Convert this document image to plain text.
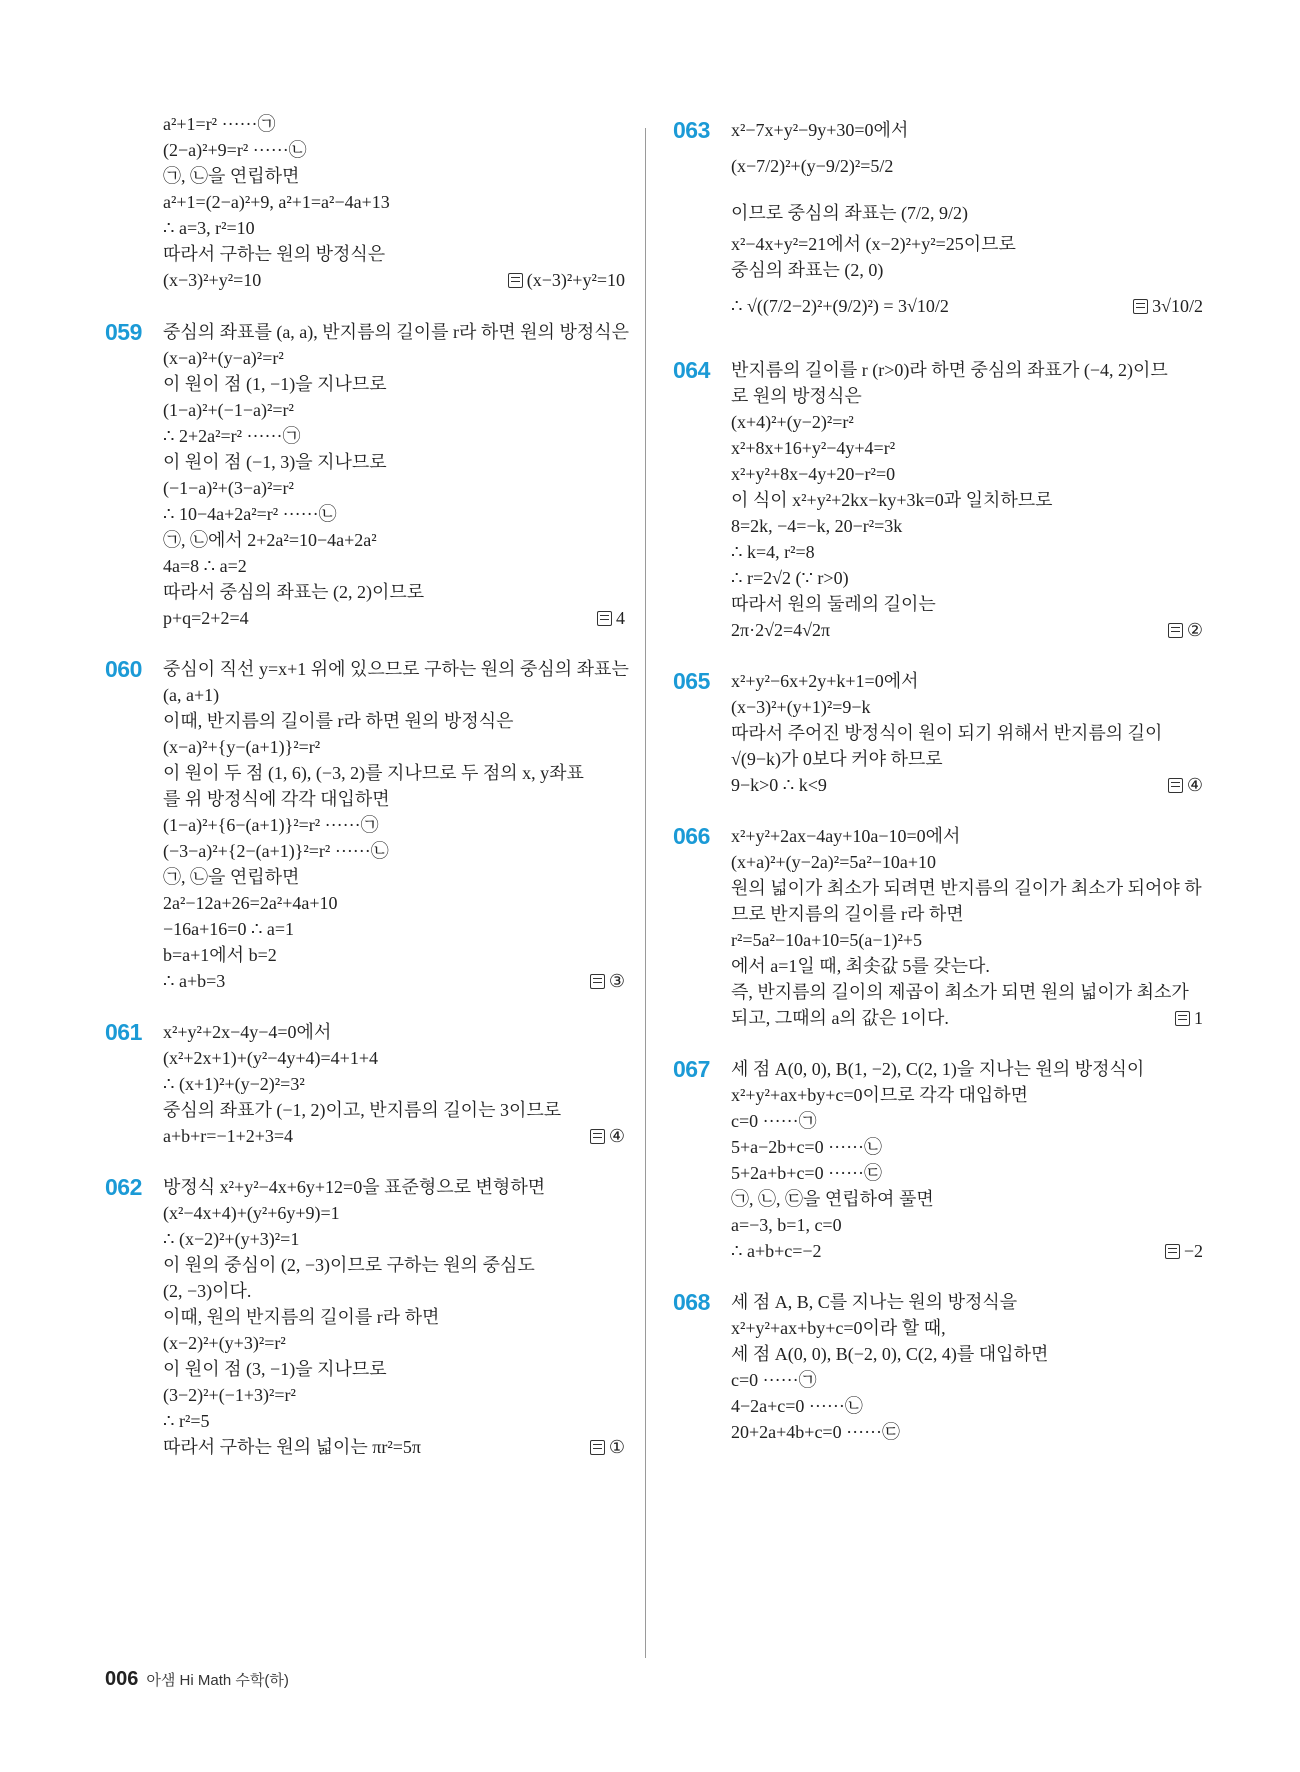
a²+1=r² ······㉠
(2−a)²+9=r² ······㉡
㉠, ㉡을 연립하면
a²+1=(2−a)²+9, a²+1=a²−4a+13
∴ a=3, r²=10
따라서 구하는 원의 방정식은
(x−3)²+y²=10	(x−3)²+y²=10
059	중심의 좌표를 (a, a), 반지름의 길이를 r라 하면 원의 방정식은
(x−a)²+(y−a)²=r²
이 원이 점 (1, −1)을 지나므로
(1−a)²+(−1−a)²=r²
∴ 2+2a²=r² ······㉠
이 원이 점 (−1, 3)을 지나므로
(−1−a)²+(3−a)²=r²
∴ 10−4a+2a²=r² ······㉡
㉠, ㉡에서 2+2a²=10−4a+2a²
4a=8 ∴ a=2
따라서 중심의 좌표는 (2, 2)이므로
p+q=2+2=4	4
060	중심이 직선 y=x+1 위에 있으므로 구하는 원의 중심의 좌표는
(a, a+1)
이때, 반지름의 길이를 r라 하면 원의 방정식은
(x−a)²+{y−(a+1)}²=r²
이 원이 두 점 (1, 6), (−3, 2)를 지나므로 두 점의 x, y좌표
를 위 방정식에 각각 대입하면
(1−a)²+{6−(a+1)}²=r² ······㉠
(−3−a)²+{2−(a+1)}²=r² ······㉡
㉠, ㉡을 연립하면
2a²−12a+26=2a²+4a+10
−16a+16=0 ∴ a=1
b=a+1에서 b=2
∴ a+b=3	③
061	x²+y²+2x−4y−4=0에서
(x²+2x+1)+(y²−4y+4)=4+1+4
∴ (x+1)²+(y−2)²=3²
중심의 좌표가 (−1, 2)이고, 반지름의 길이는 3이므로
a+b+r=−1+2+3=4	④
062	방정식 x²+y²−4x+6y+12=0을 표준형으로 변형하면
(x²−4x+4)+(y²+6y+9)=1
∴ (x−2)²+(y+3)²=1
이 원의 중심이 (2, −3)이므로 구하는 원의 중심도
(2, −3)이다.
이때, 원의 반지름의 길이를 r라 하면
(x−2)²+(y+3)²=r²
이 원이 점 (3, −1)을 지나므로
(3−2)²+(−1+3)²=r²
∴ r²=5
따라서 구하는 원의 넓이는 πr²=5π	①
063	x²−7x+y²−9y+30=0에서
(x−7/2)²+(y−9/2)²=5/2
이므로 중심의 좌표는 (7/2, 9/2)
x²−4x+y²=21에서 (x−2)²+y²=25이므로
중심의 좌표는 (2, 0)
∴ √((7/2−2)²+(9/2)²) = 3√10/2	3√10/2
064	반지름의 길이를 r (r>0)라 하면 중심의 좌표가 (−4, 2)이므
로 원의 방정식은
(x+4)²+(y−2)²=r²
x²+8x+16+y²−4y+4=r²
x²+y²+8x−4y+20−r²=0
이 식이 x²+y²+2kx−ky+3k=0과 일치하므로
8=2k, −4=−k, 20−r²=3k
∴ k=4, r²=8
∴ r=2√2 (∵ r>0)
따라서 원의 둘레의 길이는
2π·2√2=4√2π	②
065	x²+y²−6x+2y+k+1=0에서
(x−3)²+(y+1)²=9−k
따라서 주어진 방정식이 원이 되기 위해서 반지름의 길이
√(9−k)가 0보다 커야 하므로
9−k>0 ∴ k<9	④
066	x²+y²+2ax−4ay+10a−10=0에서
(x+a)²+(y−2a)²=5a²−10a+10
원의 넓이가 최소가 되려면 반지름의 길이가 최소가 되어야 하
므로 반지름의 길이를 r라 하면
r²=5a²−10a+10=5(a−1)²+5
에서 a=1일 때, 최솟값 5를 갖는다.
즉, 반지름의 길이의 제곱이 최소가 되면 원의 넓이가 최소가
되고, 그때의 a의 값은 1이다.	1
067	세 점 A(0, 0), B(1, −2), C(2, 1)을 지나는 원의 방정식이
x²+y²+ax+by+c=0이므로 각각 대입하면
c=0 ······㉠
5+a−2b+c=0 ······㉡
5+2a+b+c=0 ······㉢
㉠, ㉡, ㉢을 연립하여 풀면
a=−3, b=1, c=0
∴ a+b+c=−2	−2
068	세 점 A, B, C를 지나는 원의 방정식을
x²+y²+ax+by+c=0이라 할 때,
세 점 A(0, 0), B(−2, 0), C(2, 4)를 대입하면
c=0 ······㉠
4−2a+c=0 ······㉡
20+2a+4b+c=0 ······㉢
006 아샘 Hi Math 수학(하)
